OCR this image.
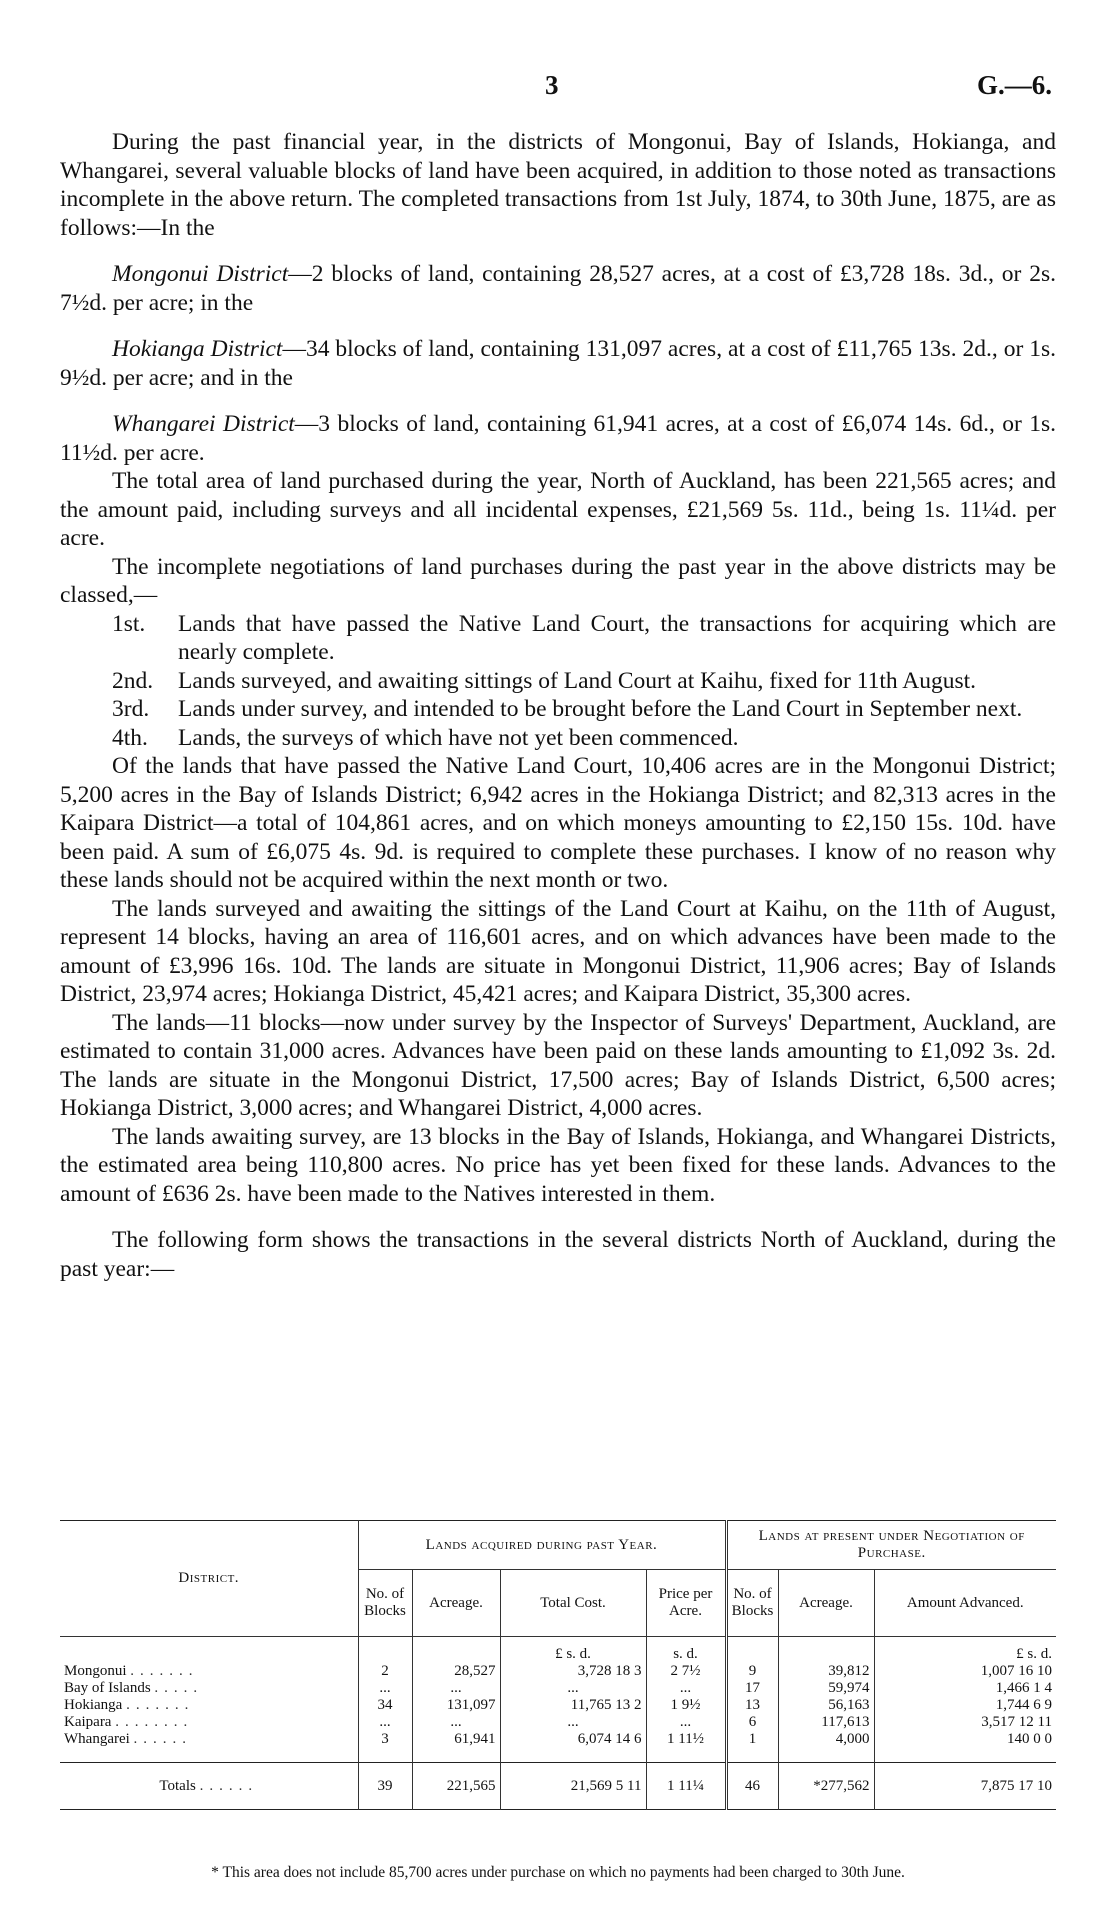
3	G.—6.

During the past financial year, in the districts of Mongonui, Bay of Islands, Hokianga, and Whangarei, several valuable blocks of land have been acquired, in addition to those noted as transactions incomplete in the above return. The completed transactions from 1st July, 1874, to 30th June, 1875, are as follows:—In the

Mongonui District—2 blocks of land, containing 28,527 acres, at a cost of £3,728 18s. 3d., or 2s. 7½d. per acre; in the

Hokianga District—34 blocks of land, containing 131,097 acres, at a cost of £11,765 13s. 2d., or 1s. 9½d. per acre; and in the

Whangarei District—3 blocks of land, containing 61,941 acres, at a cost of £6,074 14s. 6d., or 1s. 11½d. per acre.

The total area of land purchased during the year, North of Auckland, has been 221,565 acres; and the amount paid, including surveys and all incidental expenses, £21,569 5s. 11d., being 1s. 11¼d. per acre.

The incomplete negotiations of land purchases during the past year in the above districts may be classed,—

1st.	Lands that have passed the Native Land Court, the transactions for acquiring which are nearly complete.
2nd.	Lands surveyed, and awaiting sittings of Land Court at Kaihu, fixed for 11th August.
3rd.	Lands under survey, and intended to be brought before the Land Court in September next.
4th.	Lands, the surveys of which have not yet been commenced.

Of the lands that have passed the Native Land Court, 10,406 acres are in the Mongonui District; 5,200 acres in the Bay of Islands District; 6,942 acres in the Hokianga District; and 82,313 acres in the Kaipara District—a total of 104,861 acres, and on which moneys amounting to £2,150 15s. 10d. have been paid. A sum of £6,075 4s. 9d. is required to complete these purchases. I know of no reason why these lands should not be acquired within the next month or two.

The lands surveyed and awaiting the sittings of the Land Court at Kaihu, on the 11th of August, represent 14 blocks, having an area of 116,601 acres, and on which advances have been made to the amount of £3,996 16s. 10d. The lands are situate in Mongonui District, 11,906 acres; Bay of Islands District, 23,974 acres; Hokianga District, 45,421 acres; and Kaipara District, 35,300 acres.

The lands—11 blocks—now under survey by the Inspector of Surveys' Department, Auckland, are estimated to contain 31,000 acres. Advances have been paid on these lands amounting to £1,092 3s. 2d. The lands are situate in the Mongonui District, 17,500 acres; Bay of Islands District, 6,500 acres; Hokianga District, 3,000 acres; and Whangarei District, 4,000 acres.

The lands awaiting survey, are 13 blocks in the Bay of Islands, Hokianga, and Whangarei Districts, the estimated area being 110,800 acres. No price has yet been fixed for these lands. Advances to the amount of £636 2s. have been made to the Natives interested in them.

The following form shows the transactions in the several districts North of Auckland, during the past year:—

District.	Lands acquired during past Year.				Lands at present under Negotiation of Purchase.		
	No. of Blocks	Acreage.	Total Cost.	Price per Acre.	No. of Blocks	Acreage.	Amount Advanced.
			£ s. d.	s. d.			£ s. d.
Mongonui .......	2	28,527	3,728 18 3	2 7½	9	39,812	1,007 16 10
Bay of Islands .....	...	...	...	...	17	59,974	1,466 1 4
Hokianga .......	34	131,097	11,765 13 2	1 9½	13	56,163	1,744 6 9
Kaipara ........	...	...	...	...	6	117,613	3,517 12 11
Whangarei ......	3	61,941	6,074 14 6	1 11½	1	4,000	140 0 0
Totals ......	39	221,565	21,569 5 11	1 11¼	46	*277,562	7,875 17 10
* This area does not include 85,700 acres under purchase on which no payments had been charged to 30th June.
